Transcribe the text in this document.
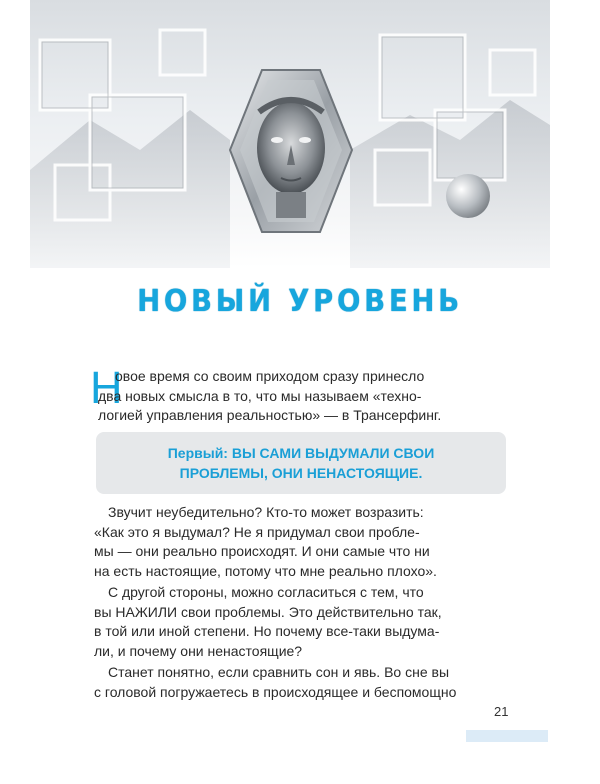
НОВЫЙ УРОВЕНЬ
Н
овое время со своим приходом сразу принесло
два новых смысла в то, что мы называем «техно-
логией управления реальностью» — в Трансерфинг.
Первый: ВЫ САМИ ВЫДУМАЛИ СВОИ
ПРОБЛЕМЫ, ОНИ НЕНАСТОЯЩИЕ.
Звучит неубедительно? Кто-то может возразить:
«Как это я выдумал? Не я придумал свои пробле-
мы — они реально происходят. И они самые что ни
на есть настоящие, потому что мне реально плохо».
С другой стороны, можно согласиться с тем, что
вы НАЖИЛИ свои проблемы. Это действительно так,
в той или иной степени. Но почему все-таки выдума-
ли, и почему они ненастоящие?
Станет понятно, если сравнить сон и явь. Во сне вы
с головой погружаетесь в происходящее и беспомощно
21
